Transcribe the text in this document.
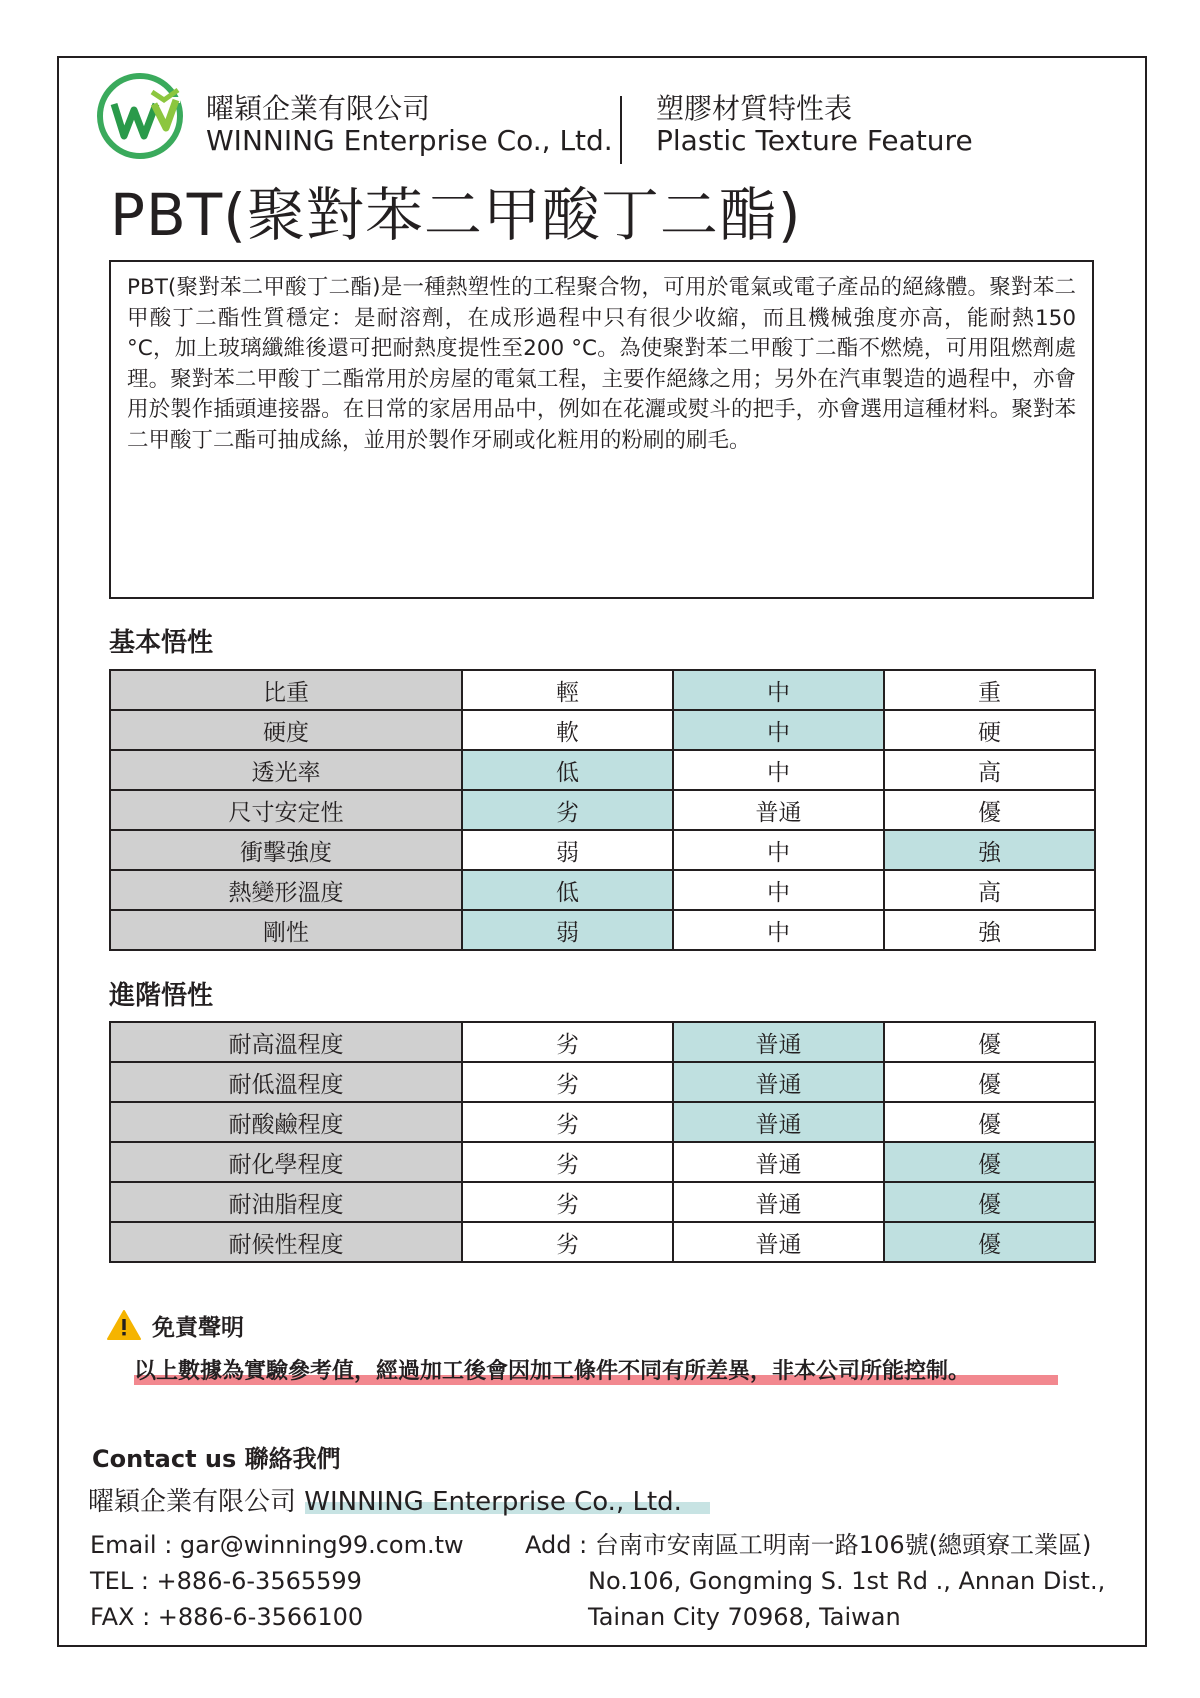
曜穎企業有限公司
WINNING Enterprise Co., Ltd.
塑膠材質特性表
Plastic Texture Feature
PBT(聚對苯二甲酸丁二酯)

PBT(聚對苯二甲酸丁二酯)是一種熱塑性的工程聚合物，可用於電氣或電子產品的絕緣體。聚對苯二甲酸丁二酯性質穩定：是耐溶劑，在成形過程中只有很少收縮，而且機械強度亦高，能耐熱150 °C，加上玻璃纖維後還可把耐熱度提性至200 °C。為使聚對苯二甲酸丁二酯不燃燒，可用阻燃劑處理。聚對苯二甲酸丁二酯常用於房屋的電氣工程，主要作絕緣之用；另外在汽車製造的過程中，亦會用於製作插頭連接器。在日常的家居用品中，例如在花灑或熨斗的把手，亦會選用這種材料。聚對苯二甲酸丁二酯可抽成絲，並用於製作牙刷或化粧用的粉刷的刷毛。

基本悟性
比重	輕	中	重
硬度	軟	中	硬
透光率	低	中	高
尺寸安定性	劣	普通	優
衝擊強度	弱	中	強
熱變形溫度	低	中	高
剛性	弱	中	強
進階悟性
耐高溫程度	劣	普通	優
耐低溫程度	劣	普通	優
耐酸鹼程度	劣	普通	優
耐化學程度	劣	普通	優
耐油脂程度	劣	普通	優
耐候性程度	劣	普通	優
免責聲明
以上數據為實驗參考值，經過加工後會因加工條件不同有所差異，非本公司所能控制。
Contact us 聯絡我們
曜穎企業有限公司 WINNING Enterprise Co., Ltd.
Email : gar@winning99.com.tw
TEL : +886-6-3565599
FAX : +886-6-3566100
Add : 台南市安南區工明南一路106號(總頭寮工業區)
No.106, Gongming S. 1st Rd ., Annan Dist.,
Tainan City 70968, Taiwan
